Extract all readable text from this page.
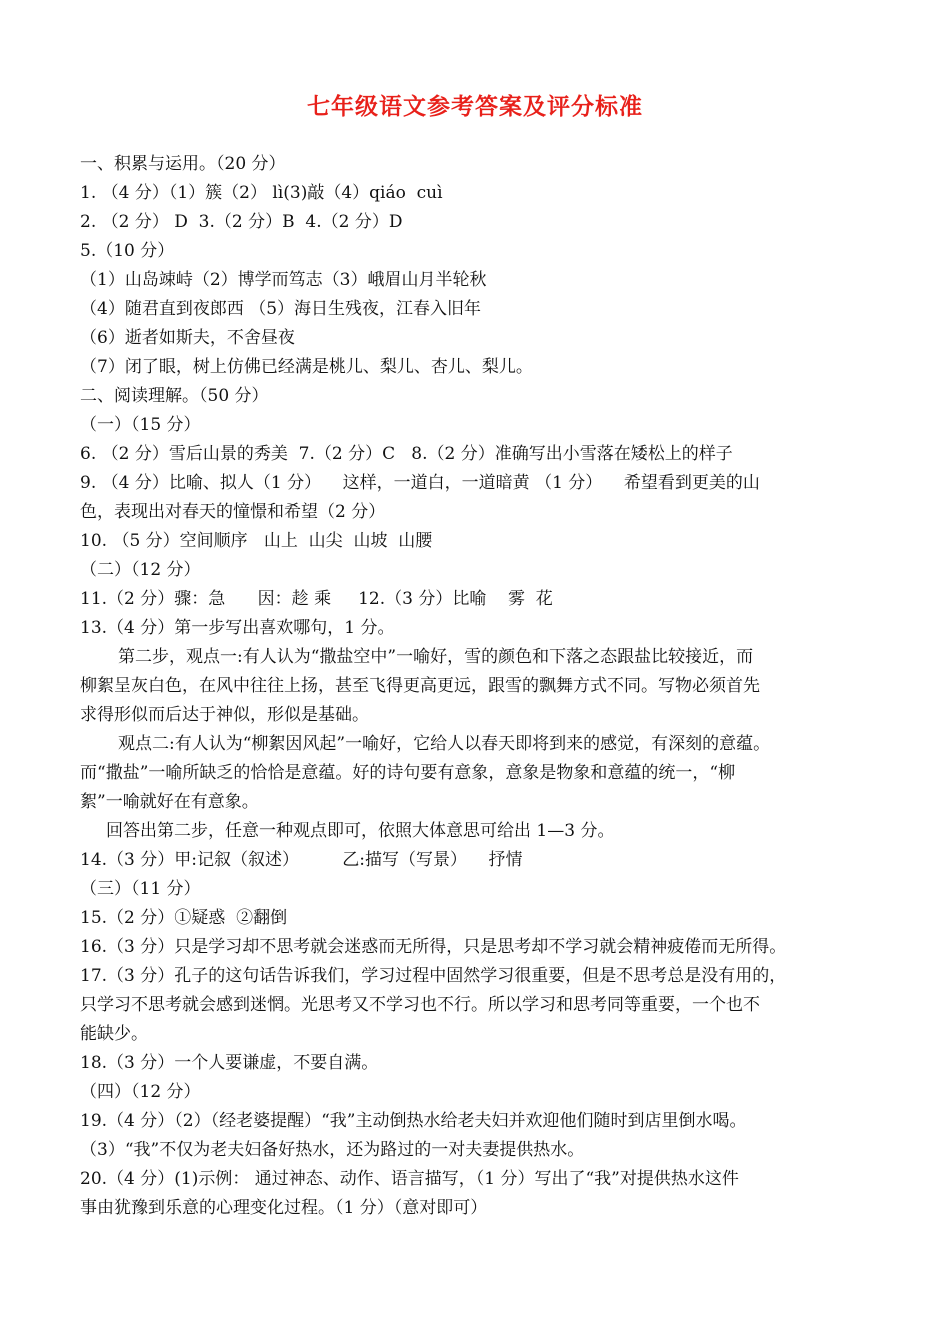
七年级语文参考答案及评分标准
一、积累与运用。（20 分）
1. （4 分）（1）簇（2） lì(3)敲（4）qiáo  cuì
2. （2 分） D  3.（2 分）B  4.（2 分）D
5.（10 分）
（1）山岛竦峙（2）博学而笃志（3）峨眉山月半轮秋
（4）随君直到夜郎西 （5）海日生残夜，江春入旧年
（6）逝者如斯夫，不舍昼夜
（7）闭了眼，树上仿佛已经满是桃儿、梨儿、杏儿、梨儿。
二、阅读理解。（50 分）
（一）（15 分）
6. （2 分）雪后山景的秀美  7.（2 分）C   8.（2 分）准确写出小雪落在矮松上的样子
9. （4 分）比喻、拟人（1 分）    这样，一道白，一道暗黄 （1 分）    希望看到更美的山
色，表现出对春天的憧憬和希望（2 分）
10. （5 分）空间顺序   山上  山尖  山坡  山腰
（二）（12 分）
11.（2 分）骤：急      因：趁 乘     12.（3 分）比喻    雾  花
13.（4 分）第一步写出喜欢哪句，1 分。
第二步，观点一:有人认为“撒盐空中”一喻好，雪的颜色和下落之态跟盐比较接近，而
柳絮呈灰白色，在风中往往上扬，甚至飞得更高更远，跟雪的飘舞方式不同。写物必须首先
求得形似而后达于神似，形似是基础。
观点二:有人认为“柳絮因风起”一喻好，它给人以春天即将到来的感觉，有深刻的意蕴。
而“撒盐”一喻所缺乏的恰恰是意蕴。好的诗句要有意象，意象是物象和意蕴的统一，“柳
絮”一喻就好在有意象。
回答出第二步，任意一种观点即可，依照大体意思可给出 1—3 分。
14.（3 分）甲:记叙（叙述）        乙:描写（写景）    抒情
（三）（11 分）
15.（2 分）①疑惑  ②翻倒
16.（3 分）只是学习却不思考就会迷惑而无所得，只是思考却不学习就会精神疲倦而无所得。
17.（3 分）孔子的这句话告诉我们，学习过程中固然学习很重要，但是不思考总是没有用的，
只学习不思考就会感到迷惘。光思考又不学习也不行。所以学习和思考同等重要，一个也不
能缺少。
18.（3 分）一个人要谦虚，不要自满。
（四）（12 分）
19.（4 分）（2）（经老婆提醒）“我”主动倒热水给老夫妇并欢迎他们随时到店里倒水喝。
（3）“我”不仅为老夫妇备好热水，还为路过的一对夫妻提供热水。
20.（4 分）(1)示例： 通过神态、动作、语言描写，（1 分）写出了“我”对提供热水这件
事由犹豫到乐意的心理变化过程。（1 分）（意对即可）
